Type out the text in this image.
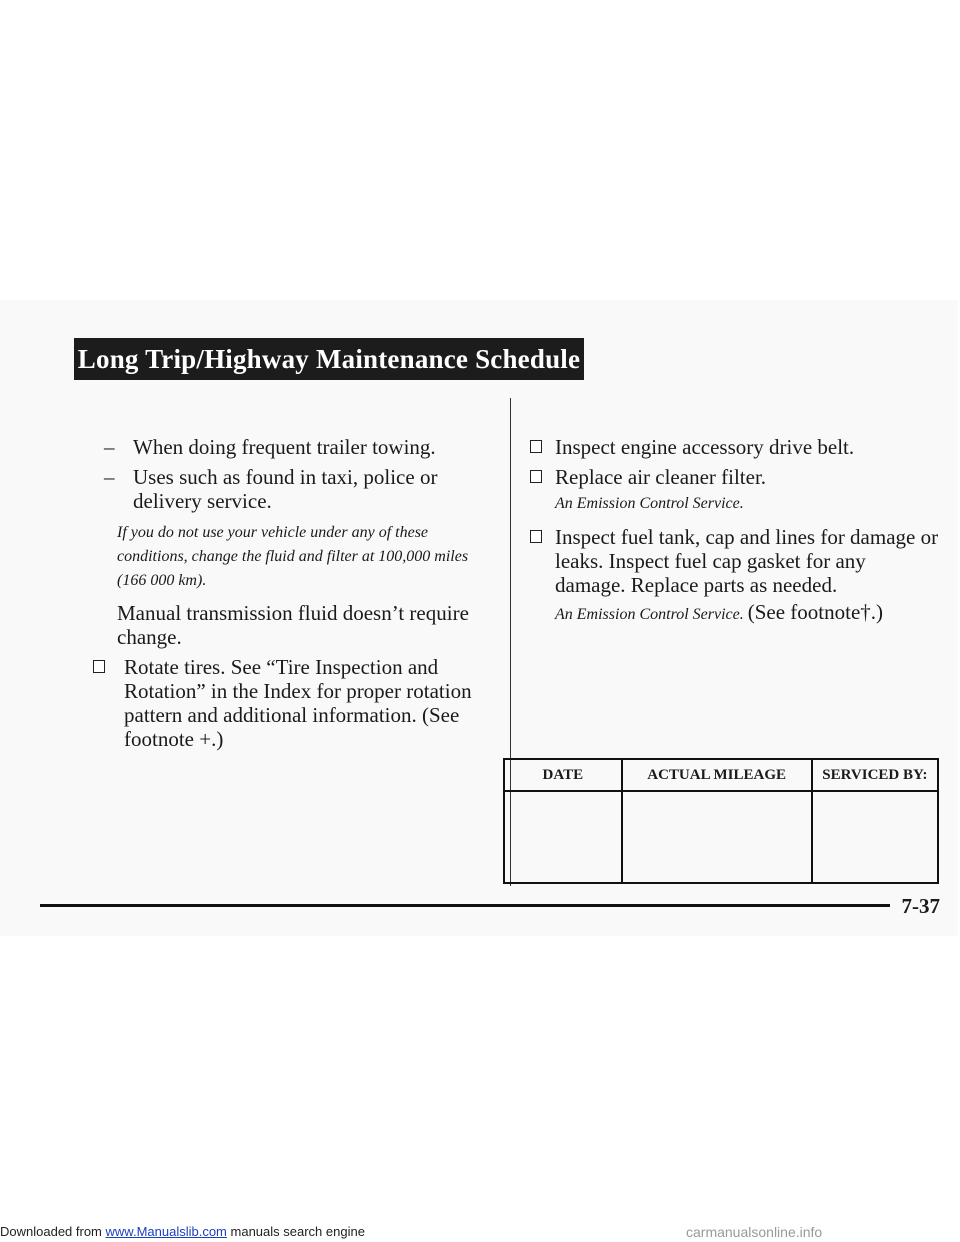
Long Trip/Highway Maintenance Schedule
– When doing frequent trailer towing.
– Uses such as found in taxi, police or delivery service.
If you do not use your vehicle under any of these conditions, change the fluid and filter at 100,000 miles (166 000 km).
Manual transmission fluid doesn’t require change.
Rotate tires. See “Tire Inspection and Rotation” in the Index for proper rotation pattern and additional information. (See footnote +.)
Inspect engine accessory drive belt.
Replace air cleaner filter.
An Emission Control Service.
Inspect fuel tank, cap and lines for damage or leaks. Inspect fuel cap gasket for any damage. Replace parts as needed.
An Emission Control Service. (See footnote†.)
DATE	ACTUAL MILEAGE	SERVICED BY:

7-37
Downloaded from www.Manualslib.com manuals search engine	carmanualsonline.info
